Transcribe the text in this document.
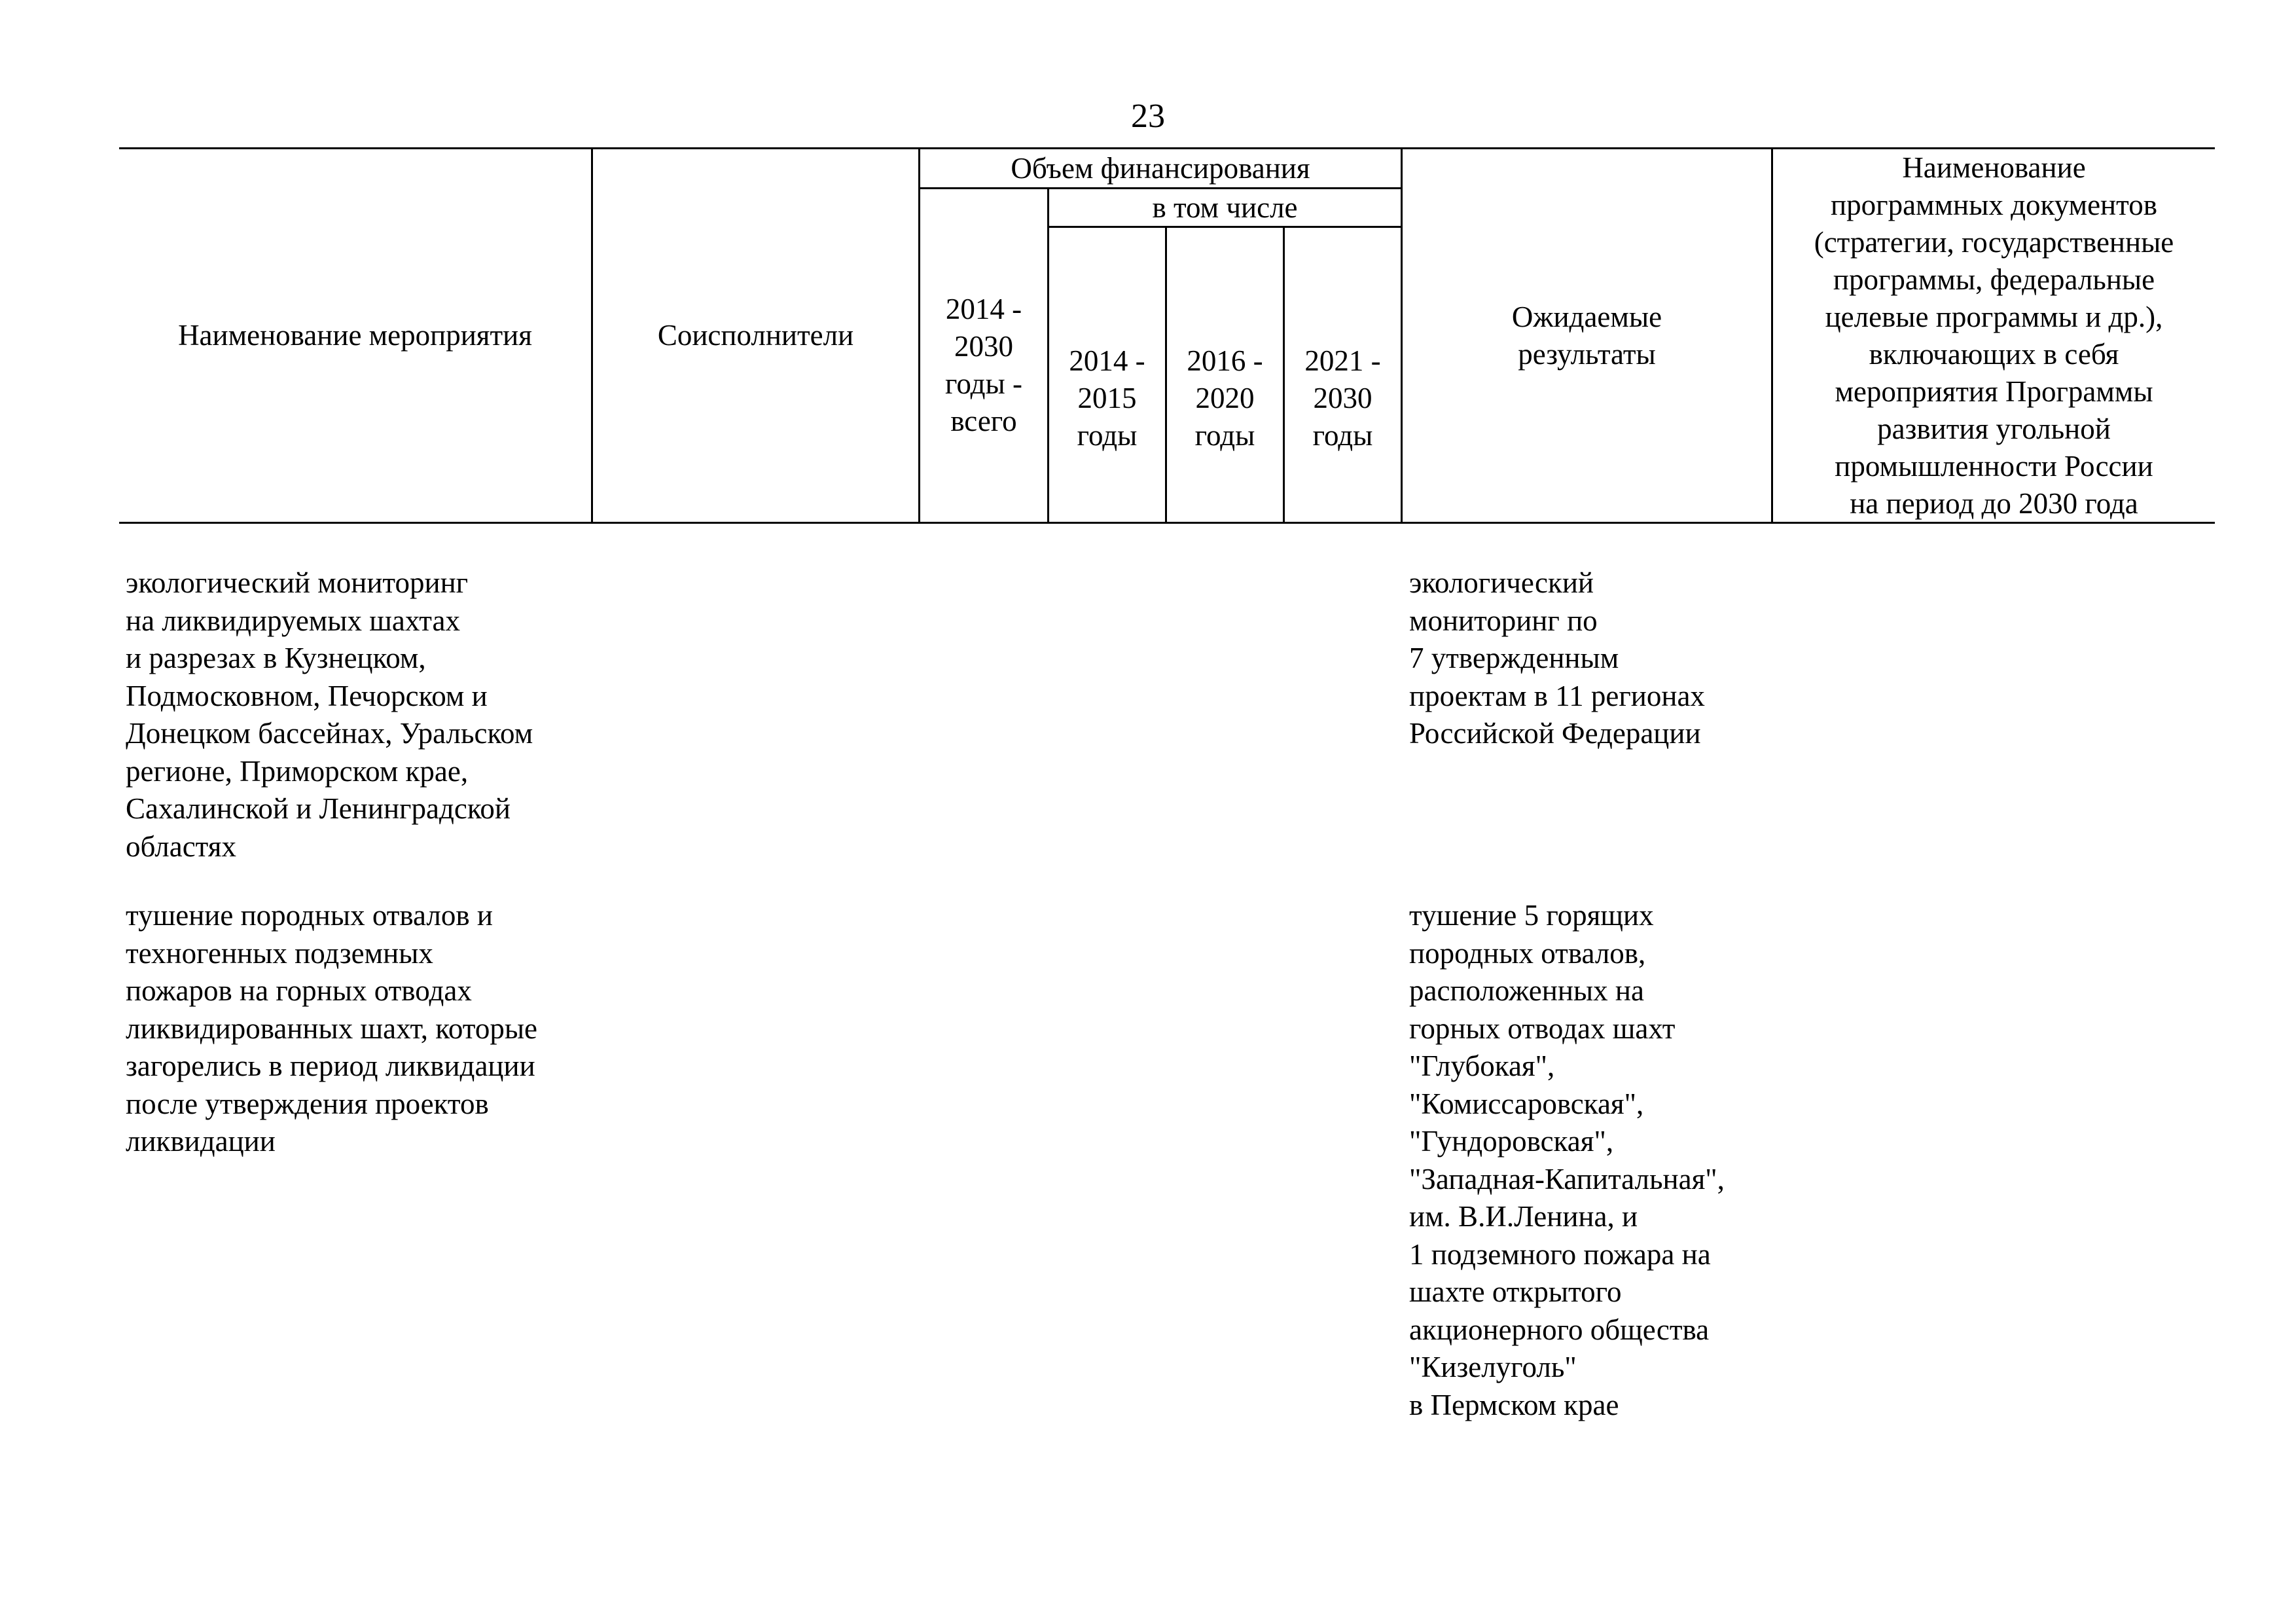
23
Наименование мероприятия	Соисполнители
Объем финансирования
2014 -
2030
годы -
всего
в том числе
2014 -
2015
годы
2016 -
2020
годы
2021 -
2030
годы
Ожидаемые
результаты
Наименование
программных документов
(стратегии, государственные
программы, федеральные
целевые программы и др.),
включающих в себя
мероприятия Программы
развития угольной
промышленности России
на период до 2030 года
экологический мониторинг
на ликвидируемых шахтах
и разрезах в Кузнецком,
Подмосковном, Печорском и
Донецком бассейнах, Уральском
регионе, Приморском крае,
Сахалинской и Ленинградской
областях
экологический
мониторинг по
7 утвержденным
проектам в 11 регионах
Российской Федерации
тушение породных отвалов и
техногенных подземных
пожаров на горных отводах
ликвидированных шахт, которые
загорелись в период ликвидации
после утверждения проектов
ликвидации
тушение 5 горящих
породных отвалов,
расположенных на
горных отводах шахт
"Глубокая",
"Комиссаровская",
"Гундоровская",
"Западная-Капитальная",
им. В.И.Ленина, и
1 подземного пожара на
шахте открытого
акционерного общества
"Кизелуголь"
в Пермском крае
